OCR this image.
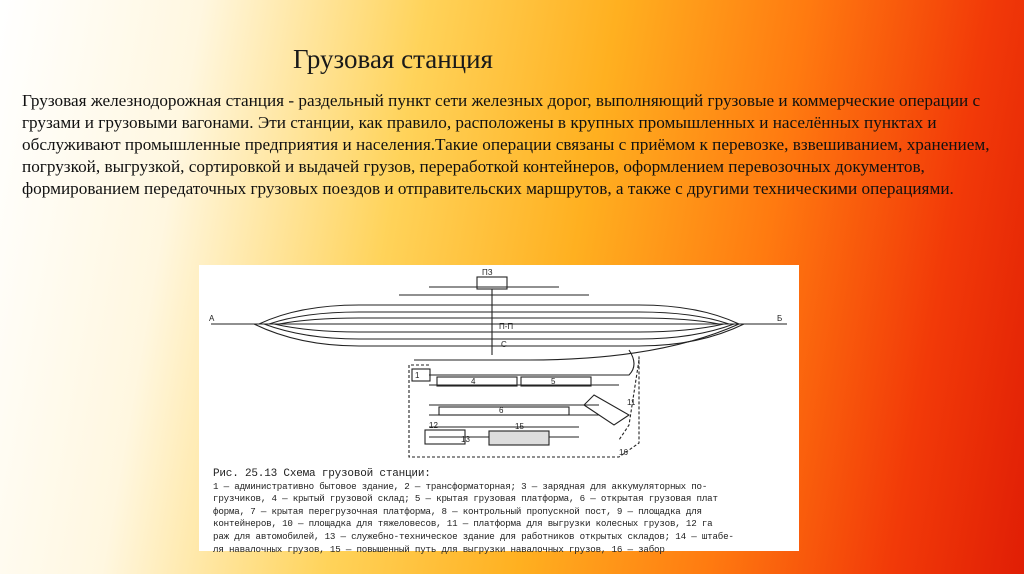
Грузовая станция
Грузовая железнодорожная станция - раздельный пункт сети железных дорог, выполняющий грузовые и коммерческие операции с грузами и грузовыми вагонами. Эти станции, как правило, расположены в крупных промышленных и населённых пунктах и обслуживают промышленные предприятия и населения.Такие операции связаны с приёмом к перевозке, взвешиванием, хранением, погрузкой, выгрузкой, сортировкой и выдачей грузов, переработкой контейнеров, оформлением перевозочных документов, формированием передаточных грузовых поездов и отправительских маршрутов, а также с другими техническими операциями.
А	Б
ПЗ
П-П
С
1
4	5
6
11
12
13
15
16
Рис. 25.13 Схема грузовой станции:
1 — административно бытовое здание, 2 — трансформаторная; 3 — зарядная для аккумуляторных по-
грузчиков, 4 — крытый грузовой склад; 5 — крытая грузовая платформа, 6 — открытая грузовая плат
форма, 7 — крытая перегрузочная платформа, 8 — контрольный пропускной пост, 9 — площадка для
контейнеров, 10 — площадка для тяжеловесов, 11 — платформа для выгрузки колесных грузов, 12 га
раж для автомобилей, 13 — служебно-техническое здание для работников открытых складов; 14 — штабе-
ля навалочных грузов, 15 — повышенный путь для выгрузки навалочных грузов, 16 — забор
